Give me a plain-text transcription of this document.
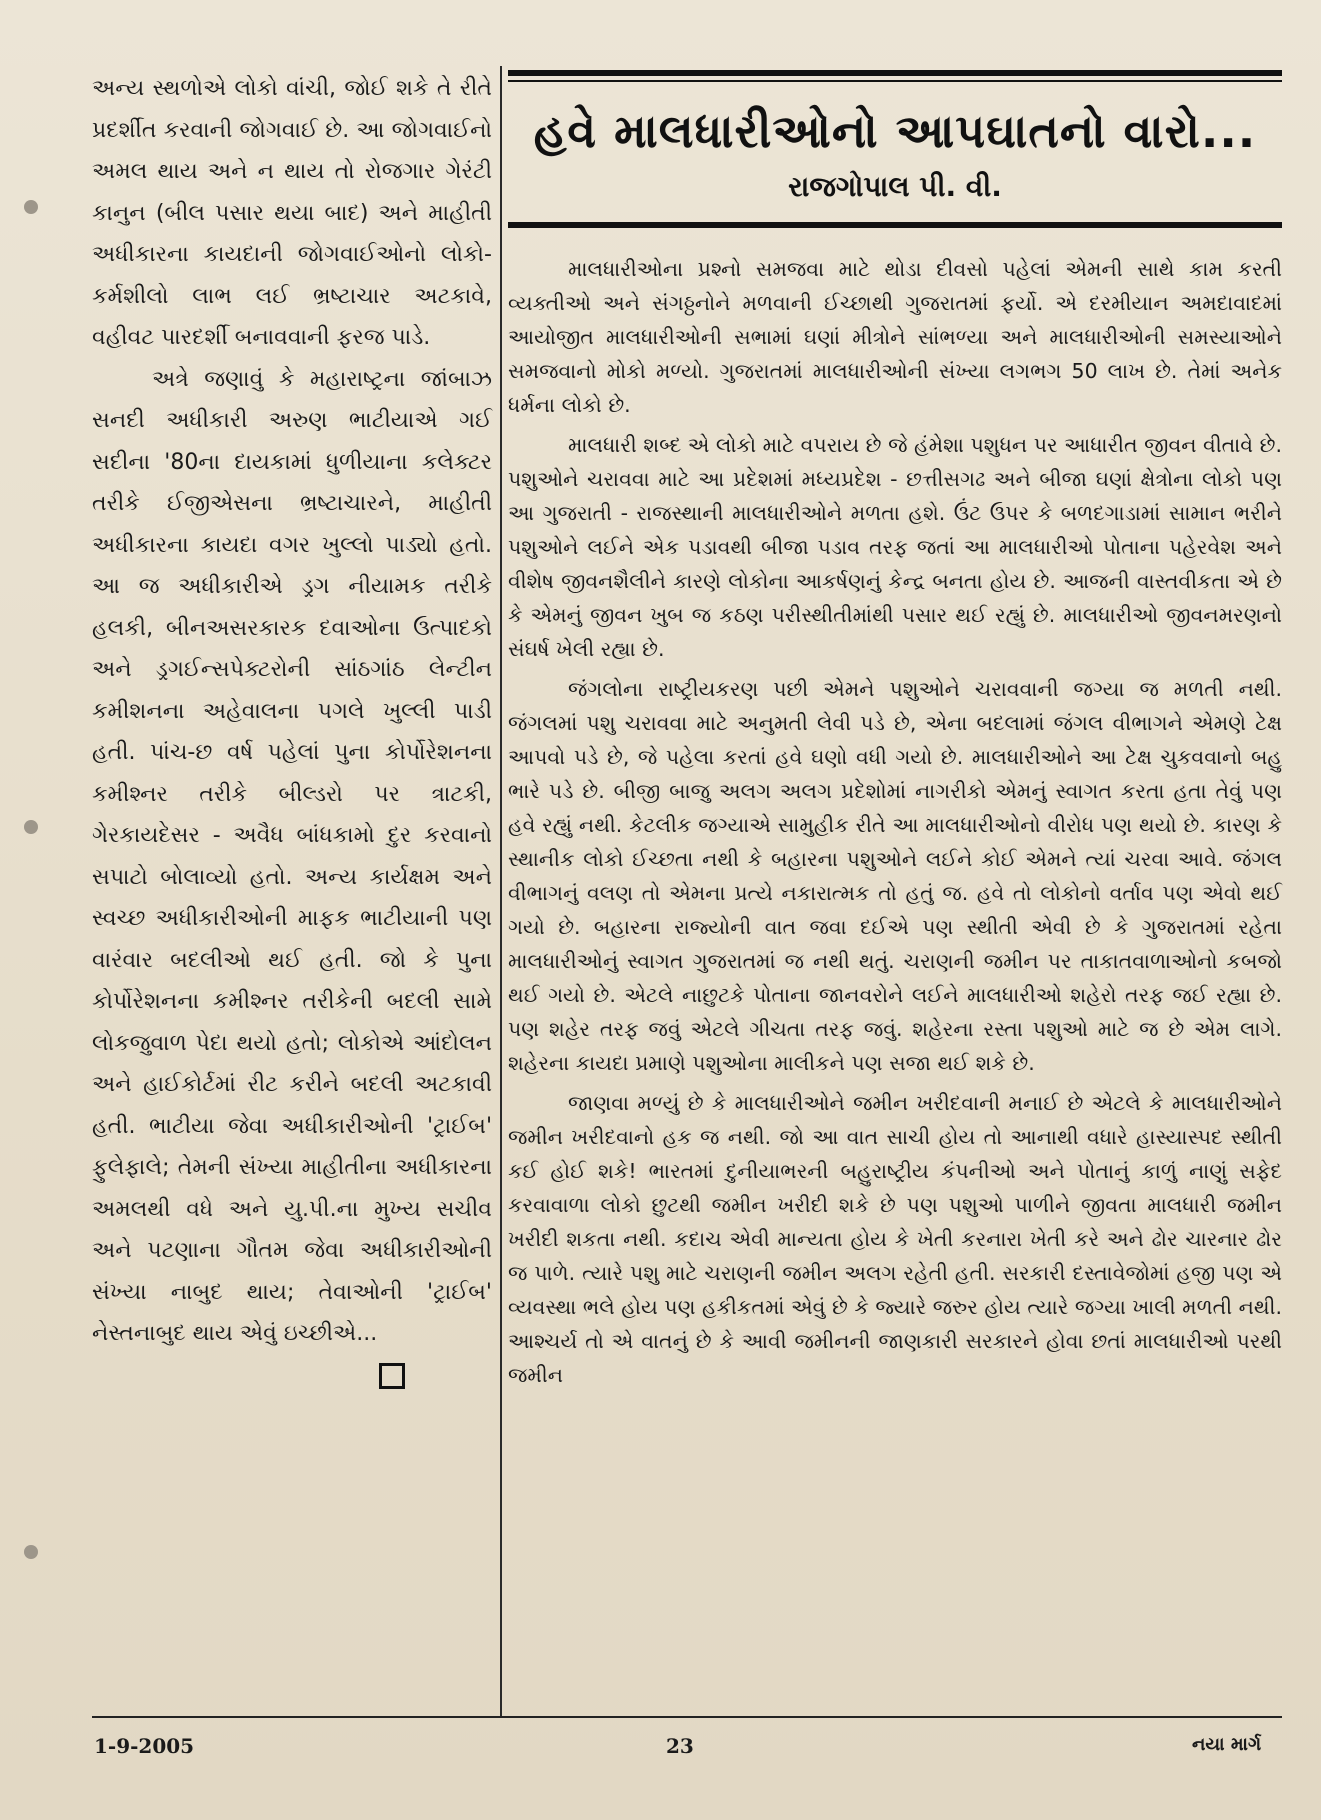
અન્ય સ્થળોએ લોકો વાંચી, જોઈ શકે તે રીતે પ્રદર્શીત કરવાની જોગવાઈ છે. આ જોગવાઈનો અમલ થાય અને ન થાય તો રોજગાર ગેરંટી કાનુન (બીલ પસાર થયા બાદ) અને માહીતી અધીકારના કાયદાની જોગવાઈઓનો લોકો-કર્મશીલો લાભ લઈ ભ્રષ્ટાચાર અટકાવે, વહીવટ પારદર્શી બનાવવાની ફરજ પાડે.

અત્રે જણાવું કે મહારાષ્ટ્રના જાંબાઝ સનદી અધીકારી અરુણ ભાટીયાએ ગઈ સદીના '80ના દાયકામાં ધુળીયાના કલેક્ટર તરીકે ઈજીએસના ભ્રષ્ટાચારને, માહીતી અધીકારના કાયદા વગર ખુલ્લો પાડ્યો હતો. આ જ અધીકારીએ ડ્રગ નીયામક તરીકે હલકી, બીનઅસરકારક દવાઓના ઉત્પાદકો અને ડ્રગઈન્સપેક્ટરોની સાંઠગાંઠ લેન્ટીન કમીશનના અહેવાલના પગલે ખુલ્લી પાડી હતી. પાંચ-છ વર્ષ પહેલાં પુના કોર્પોરેશનના કમીશ્નર તરીકે બીલ્ડરો પર ત્રાટકી, ગેરકાયદેસર - અવૈધ બાંધકામો દુર કરવાનો સપાટો બોલાવ્યો હતો. અન્ય કાર્યક્ષમ અને સ્વચ્છ અધીકારીઓની માફક ભાટીયાની પણ વારંવાર બદલીઓ થઈ હતી. જો કે પુના કોર્પોરેશનના કમીશ્નર તરીકેની બદલી સામે લોકજુવાળ પેદા થયો હતો; લોકોએ આંદોલન અને હાઈકોર્ટમાં રીટ કરીને બદલી અટકાવી હતી. ભાટીયા જેવા અધીકારીઓની 'ટ્રાઈબ' ફુલેફાલે; તેમની સંખ્યા માહીતીના અધીકારના અમલથી વધે અને યુ.પી.ના મુખ્ય સચીવ અને પટણાના ગૌતમ જેવા અધીકારીઓની સંખ્યા નાબુદ થાય; તેવાઓની 'ટ્રાઈબ' નેસ્તનાબુદ થાય એવું ઇચ્છીએ...

હવે માલધારીઓનો આપઘાતનો વારો...
રાજગોપાલ પી. વી.

માલધારીઓના પ્રશ્નો સમજવા માટે થોડા દીવસો પહેલાં એમની સાથે કામ કરતી વ્યક્તીઓ અને સંગઠ્ઠનોને મળવાની ઈચ્છાથી ગુજરાતમાં ફર્યો. એ દરમીયાન અમદાવાદમાં આયોજીત માલધારીઓની સભામાં ઘણાં મીત્રોને સાંભળ્યા અને માલધારીઓની સમસ્યાઓને સમજવાનો મોકો મળ્યો. ગુજરાતમાં માલધારીઓની સંખ્યા લગભગ 50 લાખ છે. તેમાં અનેક ધર્મના લોકો છે.

માલધારી શબ્દ એ લોકો માટે વપરાય છે જે હંમેશા પશુધન પર આધારીત જીવન વીતાવે છે. પશુઓને ચરાવવા માટે આ પ્રદેશમાં મધ્યપ્રદેશ - છત્તીસગઢ અને બીજા ઘણાં ક્ષેત્રોના લોકો પણ આ ગુજરાતી - રાજસ્થાની માલધારીઓને મળતા હશે. ઉંટ ઉપર કે બળદગાડામાં સામાન ભરીને પશુઓને લઈને એક પડાવથી બીજા પડાવ તરફ જતાં આ માલધારીઓ પોતાના પહેરવેશ અને વીશેષ જીવનશૈલીને કારણે લોકોના આકર્ષણનું કેન્દ્ર બનતા હોય છે. આજની વાસ્તવીકતા એ છે કે એમનું જીવન ખુબ જ કઠણ પરીસ્થીતીમાંથી પસાર થઈ રહ્યું છે. માલધારીઓ જીવનમરણનો સંઘર્ષ ખેલી રહ્યા છે.

જંગલોના રાષ્ટ્રીયકરણ પછી એમને પશુઓને ચરાવવાની જગ્યા જ મળતી નથી. જંગલમાં પશુ ચરાવવા માટે અનુમતી લેવી પડે છે, એના બદલામાં જંગલ વીભાગને એમણે ટેક્ષ આપવો પડે છે, જે પહેલા કરતાં હવે ઘણો વધી ગયો છે. માલધારીઓને આ ટેક્ષ ચુકવવાનો બહુ ભારે પડે છે. બીજી બાજુ અલગ અલગ પ્રદેશોમાં નાગરીકો એમનું સ્વાગત કરતા હતા તેવું પણ હવે રહ્યું નથી. કેટલીક જગ્યાએ સામુહીક રીતે આ માલધારીઓનો વીરોધ પણ થયો છે. કારણ કે સ્થાનીક લોકો ઈચ્છતા નથી કે બહારના પશુઓને લઈને કોઈ એમને ત્યાં ચરવા આવે. જંગલ વીભાગનું વલણ તો એમના પ્રત્યે નકારાત્મક તો હતું જ. હવે તો લોકોનો વર્તાવ પણ એવો થઈ ગયો છે. બહારના રાજ્યોની વાત જવા દઈએ પણ સ્થીતી એવી છે કે ગુજરાતમાં રહેતા માલધારીઓનું સ્વાગત ગુજરાતમાં જ નથી થતું. ચરાણની જમીન પર તાકાતવાળાઓનો કબજો થઈ ગયો છે. એટલે નાછુટકે પોતાના જાનવરોને લઈને માલધારીઓ શહેરો તરફ જઈ રહ્યા છે. પણ શહેર તરફ જવું એટલે ગીચતા તરફ જવું. શહેરના રસ્તા પશુઓ માટે જ છે એમ લાગે. શહેરના કાયદા પ્રમાણે પશુઓના માલીકને પણ સજા થઈ શકે છે.

જાણવા મળ્યું છે કે માલધારીઓને જમીન ખરીદવાની મનાઈ છે એટલે કે માલધારીઓને જમીન ખરીદવાનો હક જ નથી. જો આ વાત સાચી હોય તો આનાથી વધારે હાસ્યાસ્પદ સ્થીતી કઈ હોઈ શકે! ભારતમાં દુનીયાભરની બહુરાષ્ટ્રીય કંપનીઓ અને પોતાનું કાળું નાણું સફેદ કરવાવાળા લોકો છુટથી જમીન ખરીદી શકે છે પણ પશુઓ પાળીને જીવતા માલધારી જમીન ખરીદી શકતા નથી. કદાચ એવી માન્યતા હોય કે ખેતી કરનારા ખેતી કરે અને ઢોર ચારનાર ઢોર જ પાળે. ત્યારે પશુ માટે ચરાણની જમીન અલગ રહેતી હતી. સરકારી દસ્તાવેજોમાં હજી પણ એ વ્યવસ્થા ભલે હોય પણ હકીકતમાં એવું છે કે જ્યારે જરુર હોય ત્યારે જગ્યા ખાલી મળતી નથી. આશ્ચર્ય તો એ વાતનું છે કે આવી જમીનની જાણકારી સરકારને હોવા છતાં માલધારીઓ પરથી જમીન

1-9-2005	23	નયા માર્ગ
